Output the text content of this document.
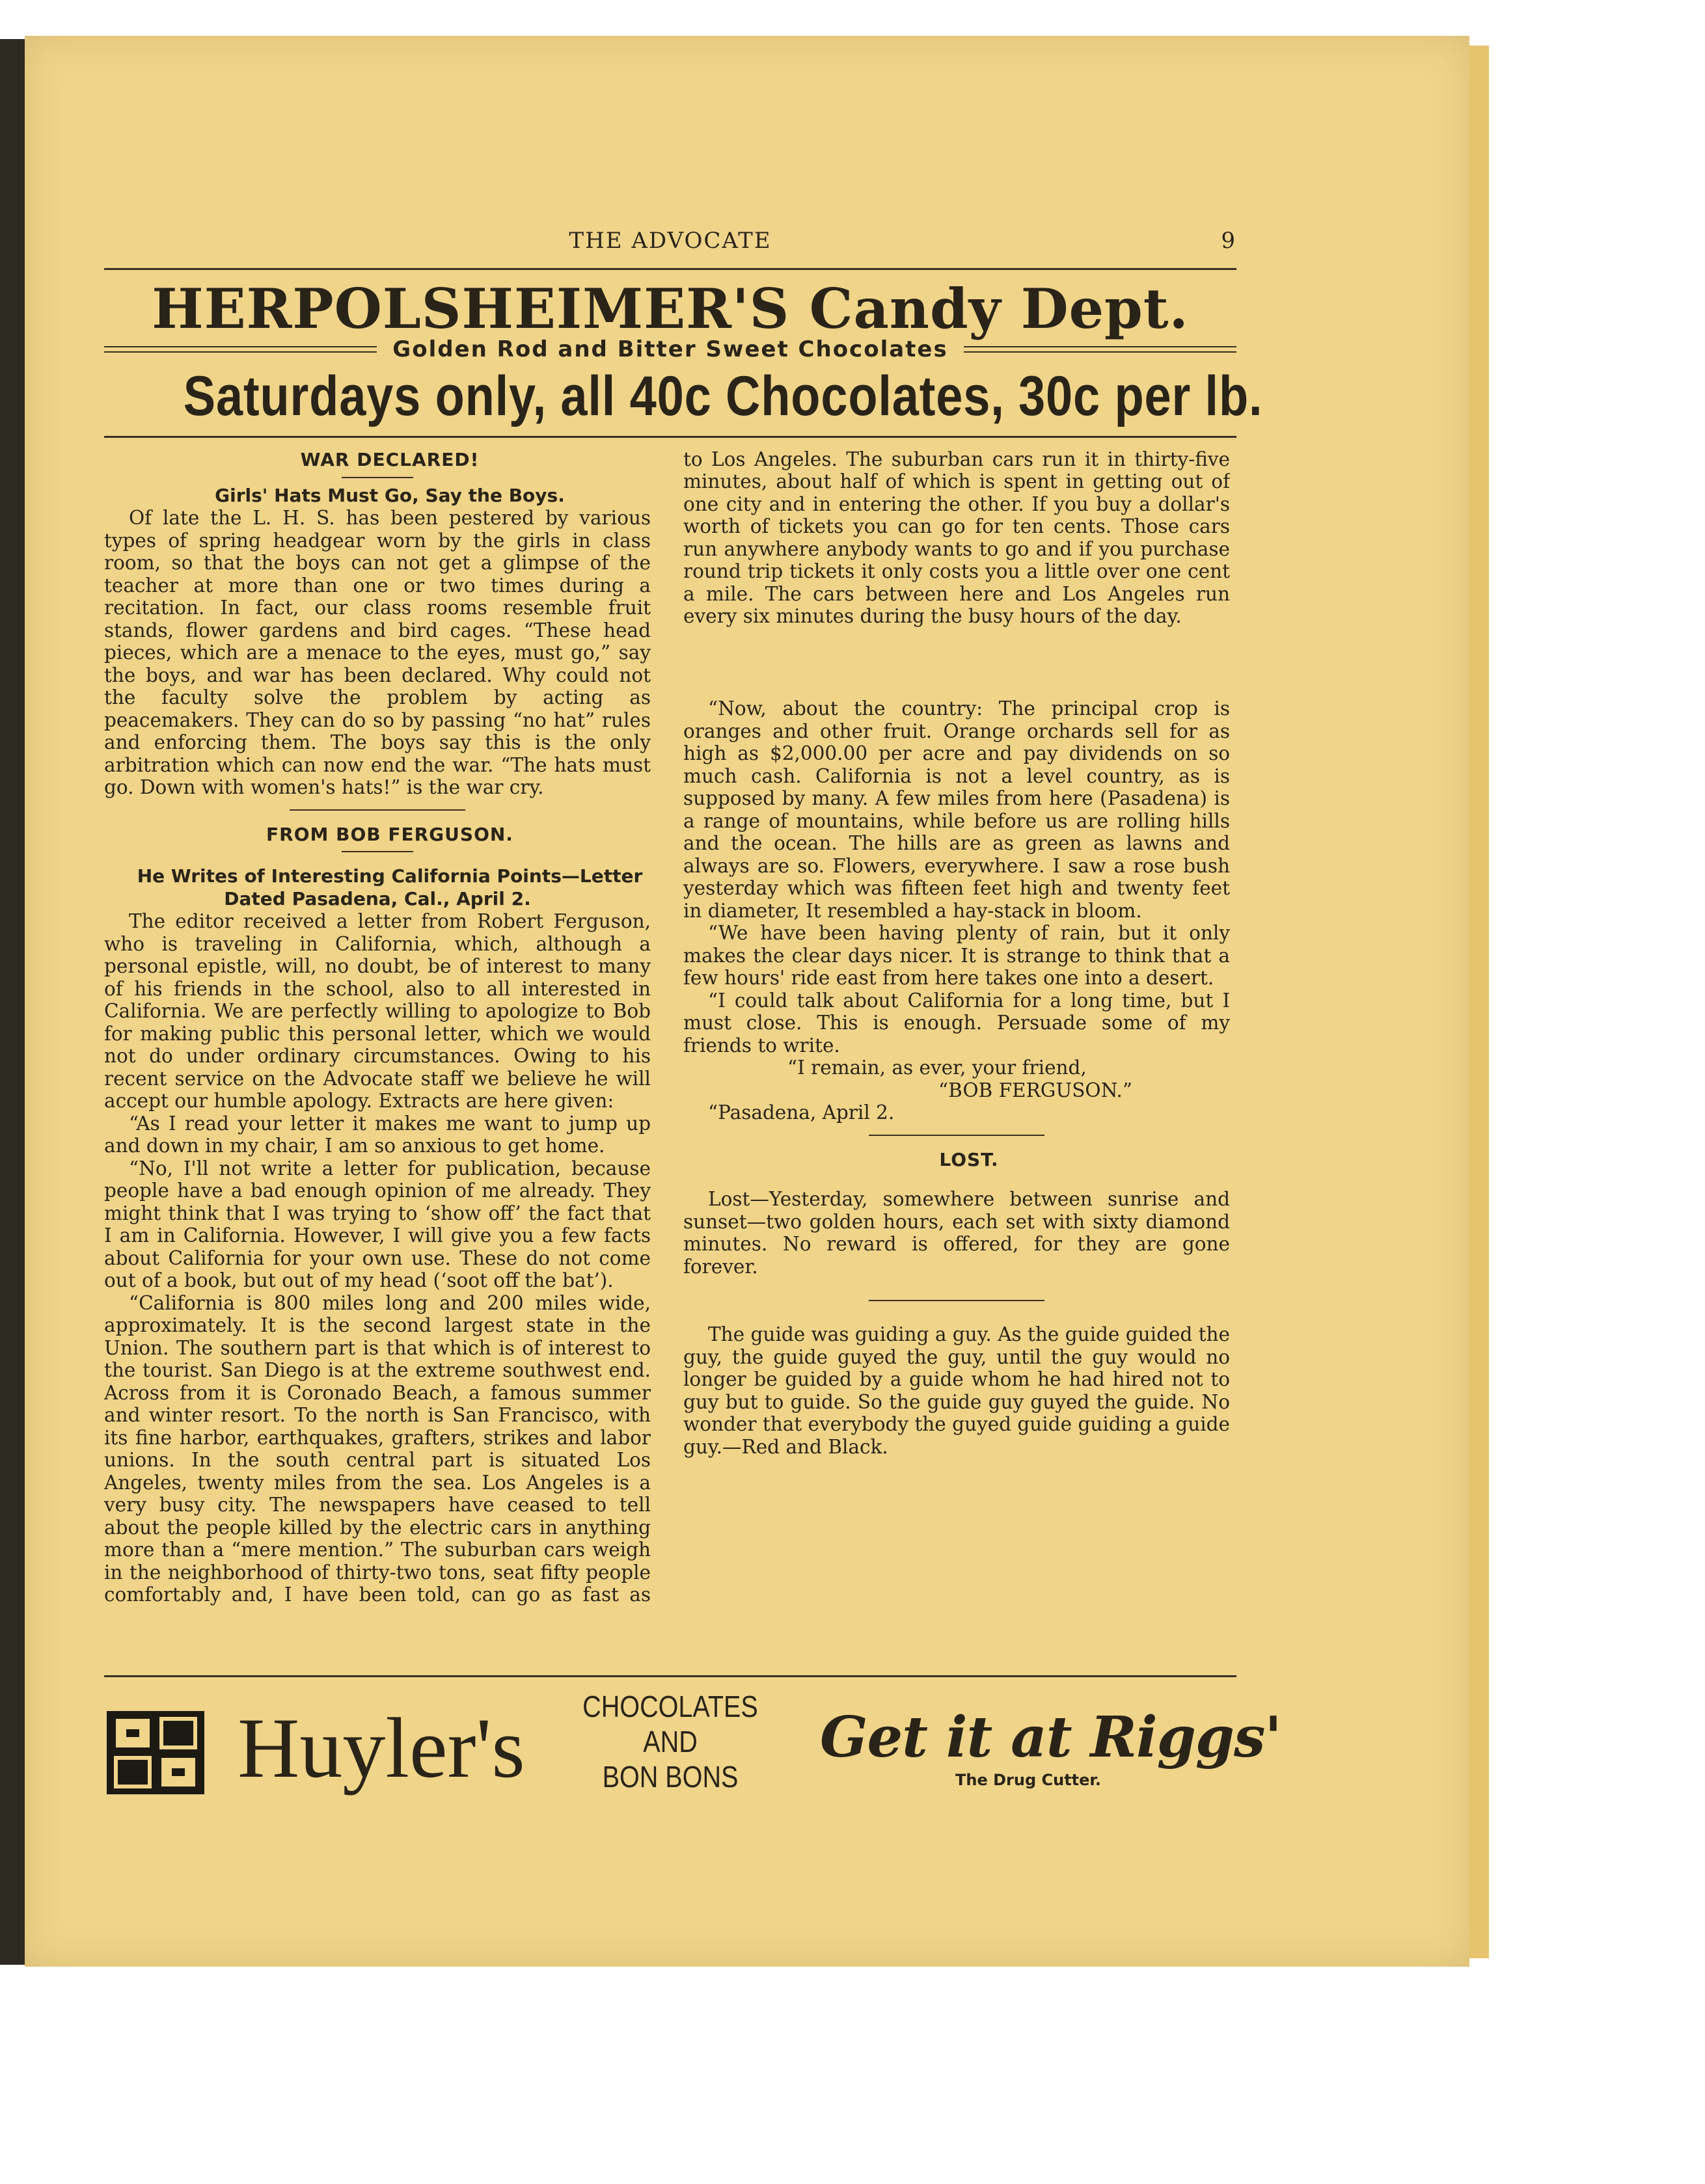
THE ADVOCATE	9
HERPOLSHEIMER'S Candy Dept.
Golden Rod and Bitter Sweet Chocolates
Saturdays only, all 40c Chocolates, 30c per lb.

WAR DECLARED!

Girls' Hats Must Go, Say the Boys.

Of late the L. H. S. has been pestered by various types of spring headgear worn by the girls in class room, so that the boys can not get a glimpse of the teacher at more than one or two times during a recitation. In fact, our class rooms resemble fruit stands, flower gardens and bird cages. “These head pieces, which are a menace to the eyes, must go,” say the boys, and war has been declared. Why could not the faculty solve the problem by acting as peacemakers. They can do so by passing “no hat” rules and enforcing them. The boys say this is the only arbitration which can now end the war. “The hats must go. Down with women's hats!” is the war cry.

FROM BOB FERGUSON.

He Writes of Interesting California Points—Letter Dated Pasadena, Cal., April 2.

The editor received a letter from Robert Ferguson, who is traveling in California, which, although a personal epistle, will, no doubt, be of interest to many of his friends in the school, also to all interested in California. We are perfectly willing to apologize to Bob for making public this personal letter, which we would not do under ordinary circumstances. Owing to his recent service on the Advocate staff we believe he will accept our humble apology. Extracts are here given:

“As I read your letter it makes me want to jump up and down in my chair, I am so anxious to get home.

“No, I'll not write a letter for publication, because people have a bad enough opinion of me already. They might think that I was trying to ‘show off’ the fact that I am in California. However, I will give you a few facts about California for your own use. These do not come out of a book, but out of my head (‘soot off the bat’).

“California is 800 miles long and 200 miles wide, approximately. It is the second largest state in the Union. The southern part is that which is of interest to the tourist. San Diego is at the extreme southwest end. Across from it is Coronado Beach, a famous summer and winter resort. To the north is San Francisco, with its fine harbor, earthquakes, grafters, strikes and labor unions. In the south central part is situated Los Angeles, twenty miles from the sea. Los Angeles is a very busy city. The newspapers have ceased to tell about the people killed by the electric cars in anything more than a “mere mention.” The suburban cars weigh in the neighborhood of thirty-two tons, seat fifty people comfortably and, I have been told, can go as fast as

to Los Angeles. The suburban cars run it in thirty-five minutes, about half of which is spent in getting out of one city and in entering the other. If you buy a dollar's worth of tickets you can go for ten cents. Those cars run anywhere anybody wants to go and if you purchase round trip tickets it only costs you a little over one cent a mile. The cars between here and Los Angeles run every six minutes during the busy hours of the day.

“Now, about the country: The principal crop is oranges and other fruit. Orange orchards sell for as high as $2,000.00 per acre and pay dividends on so much cash. California is not a level country, as is supposed by many. A few miles from here (Pasadena) is a range of mountains, while before us are rolling hills and the ocean. The hills are as green as lawns and always are so. Flowers, everywhere. I saw a rose bush yesterday which was fifteen feet high and twenty feet in diameter, It resembled a hay-stack in bloom.

“We have been having plenty of rain, but it only makes the clear days nicer. It is strange to think that a few hours' ride east from here takes one into a desert.

“I could talk about California for a long time, but I must close. This is enough. Persuade some of my friends to write.

“I remain, as ever, your friend,

“BOB FERGUSON.”

“Pasadena, April 2.

LOST.

Lost—Yesterday, somewhere between sunrise and sunset—two golden hours, each set with sixty diamond minutes. No reward is offered, for they are gone forever.

The guide was guiding a guy. As the guide guided the guy, the guide guyed the guy, until the guy would no longer be guided by a guide whom he had hired not to guy but to guide. So the guide guy guyed the guide. No wonder that everybody the guyed guide guiding a guide guy.—Red and Black.

Huyler's	CHOCOLATES
AND
BON BONS
Get it at Riggs'
The Drug Cutter.
